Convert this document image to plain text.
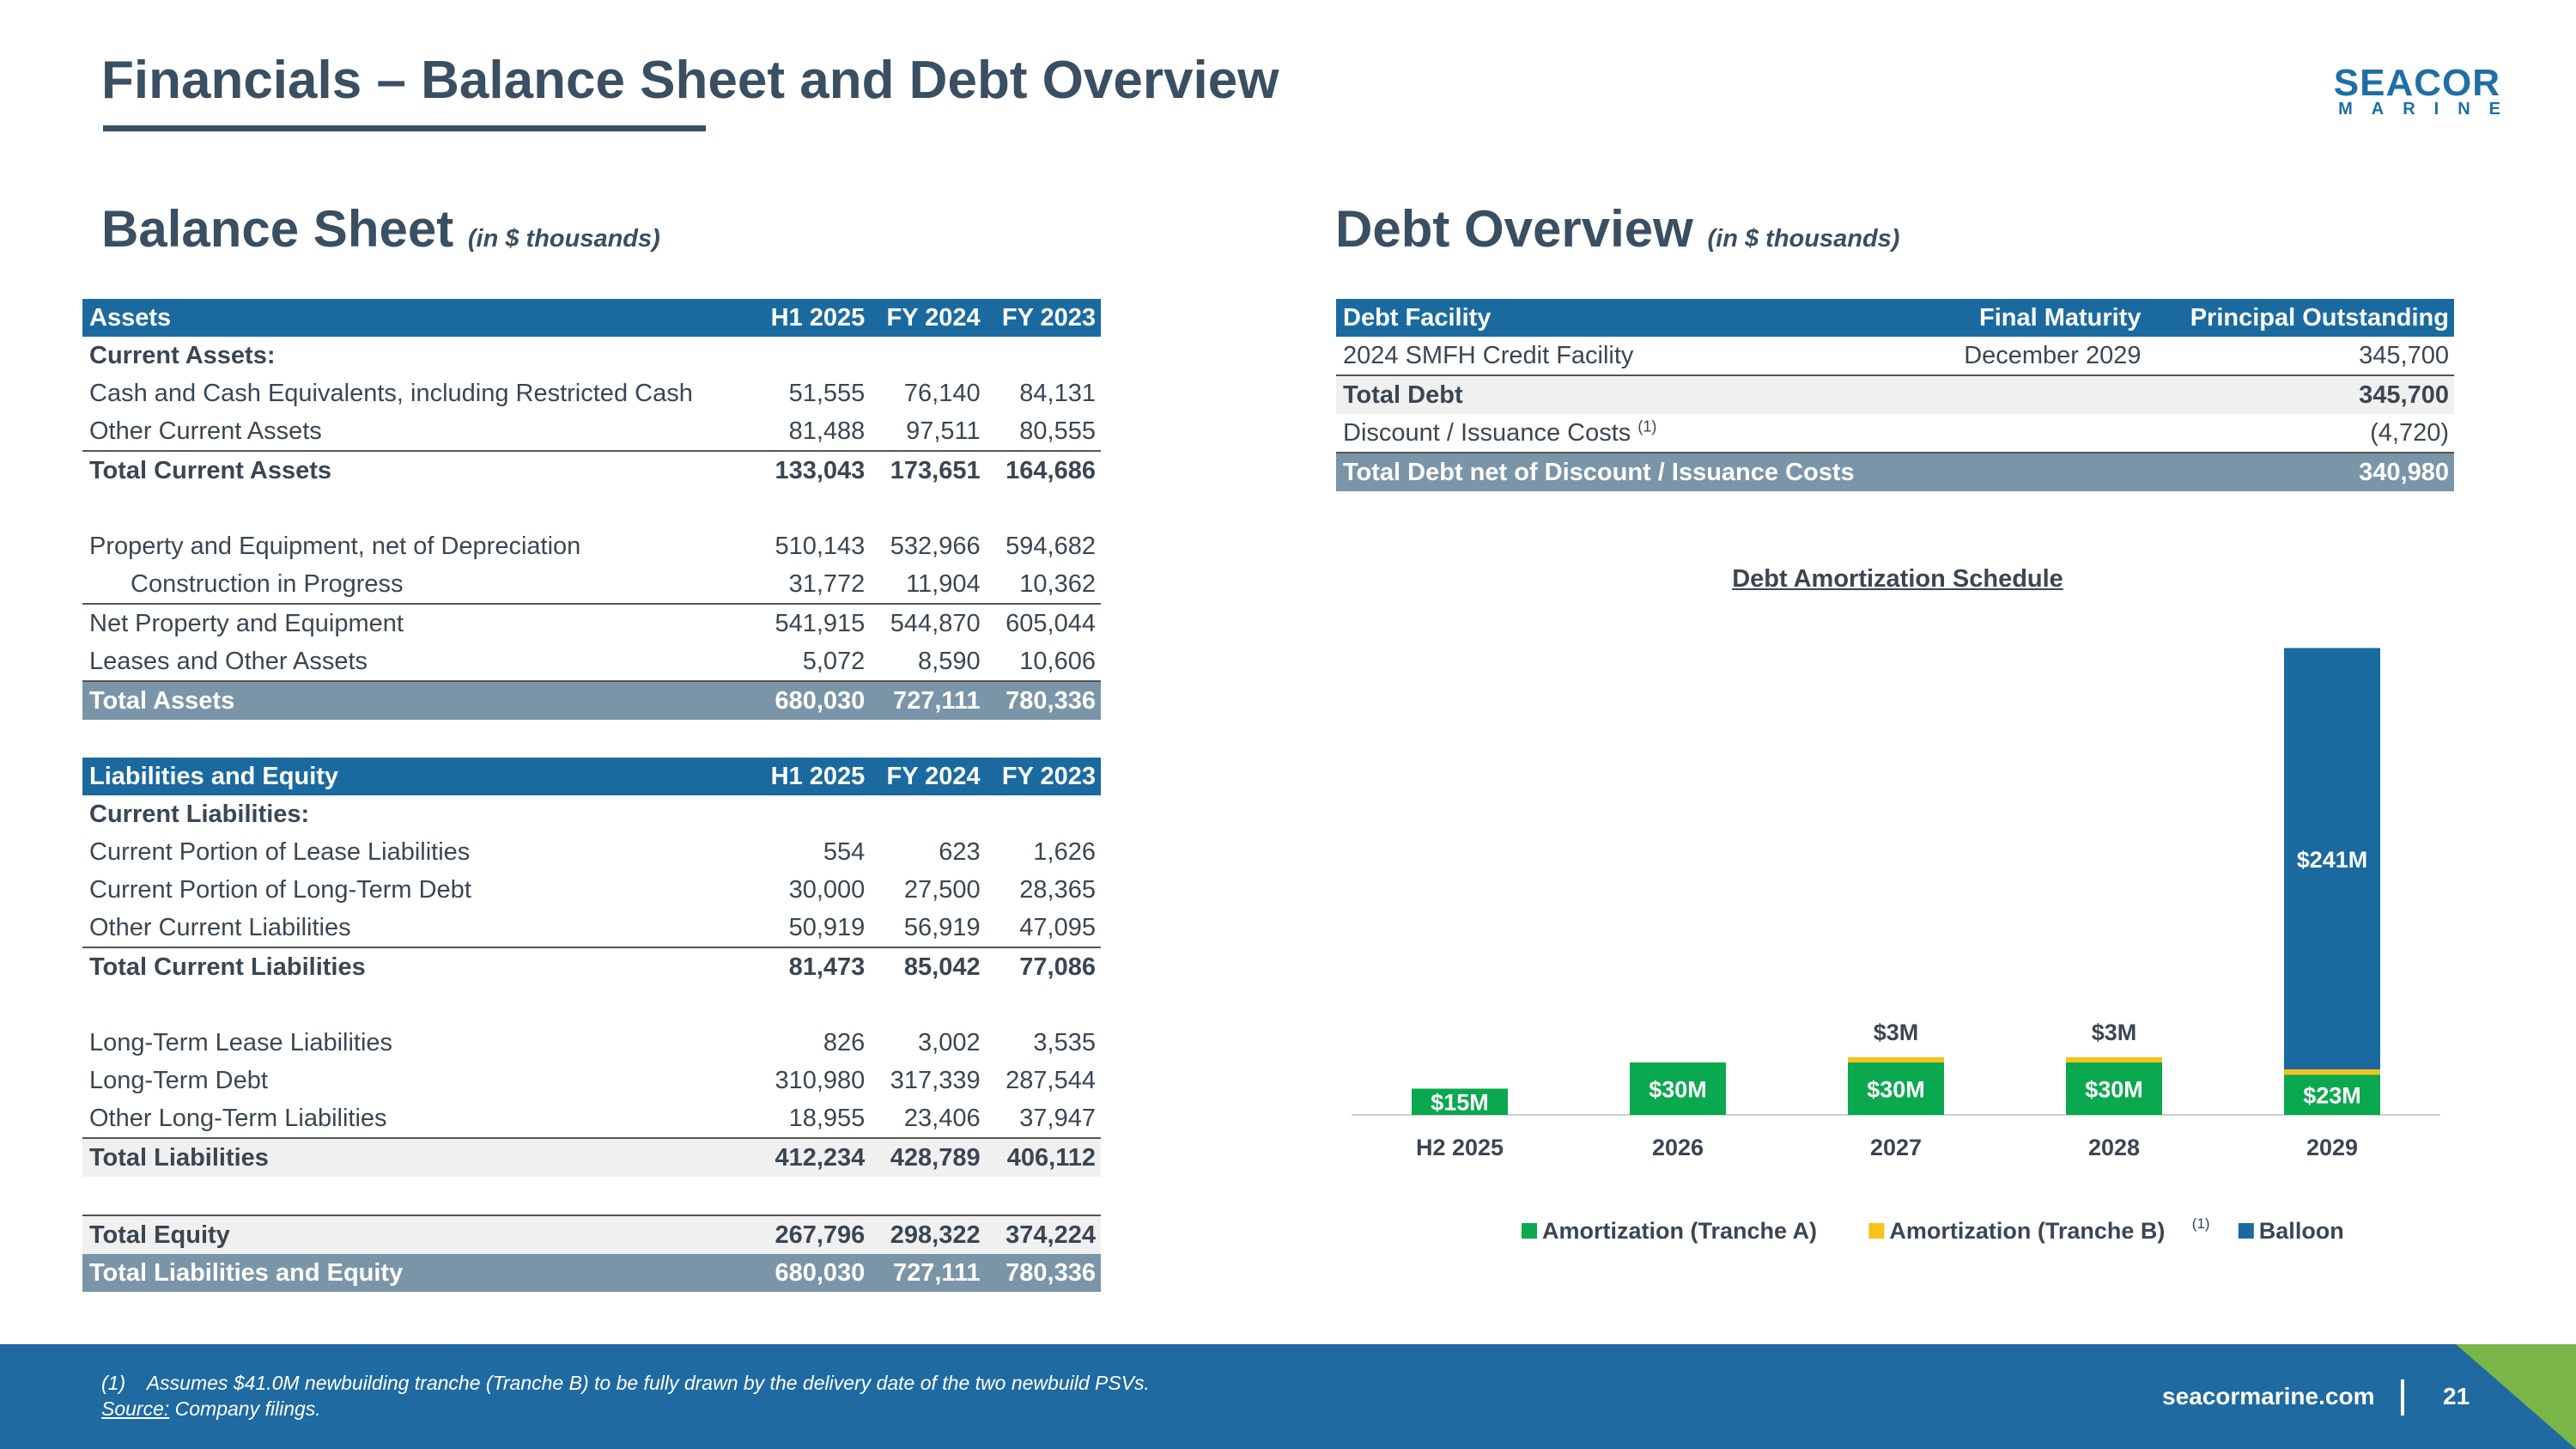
Financials – Balance Sheet and Debt Overview	SEACOR
MARINE
Balance Sheet (in $ thousands)	Debt Overview (in $ thousands)
Assets	H1 2025	FY 2024	FY 2023
Current Assets:			
Cash and Cash Equivalents, including Restricted Cash	51,555	76,140	84,131
Other Current Assets	81,488	97,511	80,555
Total Current Assets	133,043	173,651	164,686

Property and Equipment, net of Depreciation	510,143	532,966	594,682
Construction in Progress	31,772	11,904	10,362
Net Property and Equipment	541,915	544,870	605,044
Leases and Other Assets	5,072	8,590	10,606
Total Assets	680,030	727,111	780,336

Liabilities and Equity	H1 2025	FY 2024	FY 2023
Current Liabilities:			
Current Portion of Lease Liabilities	554	623	1,626
Current Portion of Long-Term Debt	30,000	27,500	28,365
Other Current Liabilities	50,919	56,919	47,095
Total Current Liabilities	81,473	85,042	77,086

Long-Term Lease Liabilities	826	3,002	3,535
Long-Term Debt	310,980	317,339	287,544
Other Long-Term Liabilities	18,955	23,406	37,947
Total Liabilities	412,234	428,789	406,112

Total Equity	267,796	298,322	374,224
Total Liabilities and Equity	680,030	727,111	780,336
Debt Facility	Final Maturity	Principal Outstanding
2024 SMFH Credit Facility	December 2029	345,700
Total Debt		345,700
Discount / Issuance Costs $^{(1)}$		(4,720)
Total Debt net of Discount / Issuance Costs		340,980
Debt Amortization Schedule
$15M
H2 2025
$30M
2026
$30M
$3M
2027
$30M
$3M
2028
$23M
$241M
2029
Amortization (Tranche A)	Amortization (Tranche B) (1) Balloon
(1) Assumes $41.0M newbuilding tranche (Tranche B) to be fully drawn by the delivery date of the two newbuild PSVs.
Source: Company filings.	seacormarine.com	21
